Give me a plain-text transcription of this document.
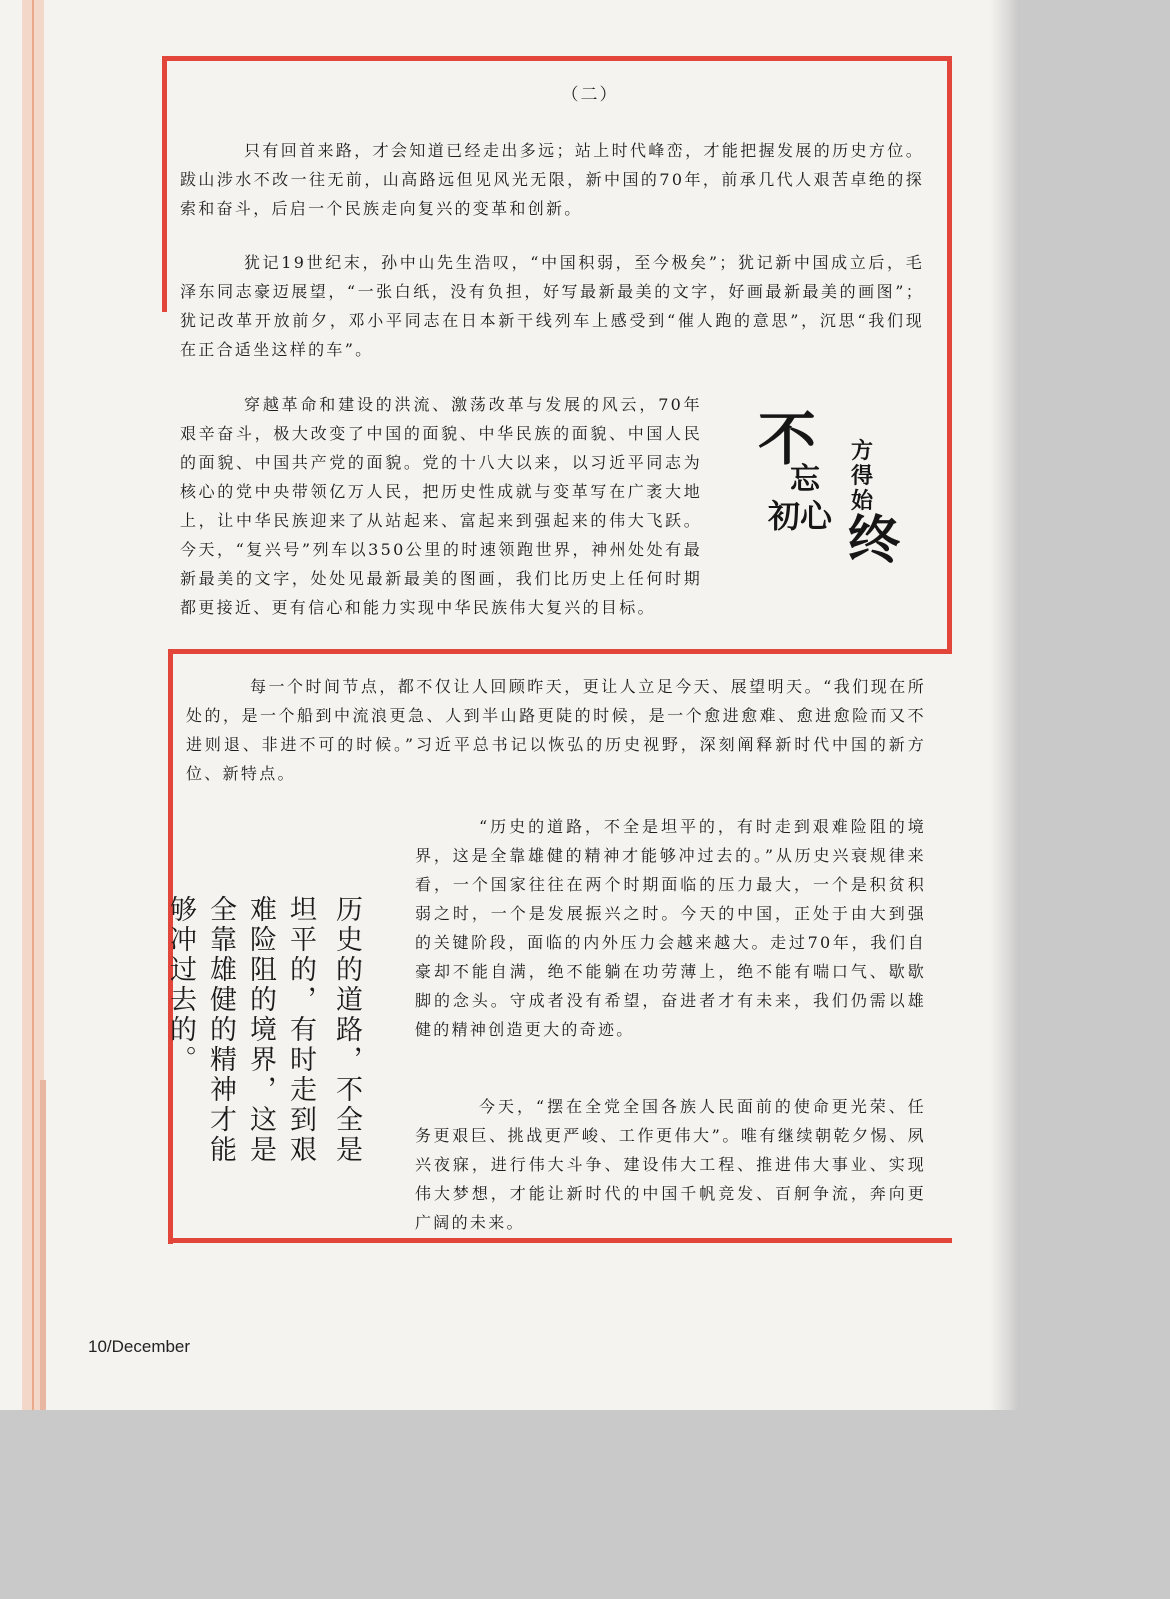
（二）

只有回首来路，才会知道已经走出多远；站上时代峰峦，才能把握发展的历史方位。跋山涉水不改一往无前，山高路远但见风光无限，新中国的70年，前承几代人艰苦卓绝的探索和奋斗，后启一个民族走向复兴的变革和创新。

犹记19世纪末，孙中山先生浩叹，“中国积弱，至今极矣”；犹记新中国成立后，毛泽东同志豪迈展望，“一张白纸，没有负担，好写最新最美的文字，好画最新最美的画图”；犹记改革开放前夕，邓小平同志在日本新干线列车上感受到“催人跑的意思”，沉思“我们现在正合适坐这样的车”。

穿越革命和建设的洪流、激荡改革与发展的风云，70年艰辛奋斗，极大改变了中国的面貌、中华民族的面貌、中国人民的面貌、中国共产党的面貌。党的十八大以来，以习近平同志为核心的党中央带领亿万人民，把历史性成就与变革写在广袤大地上，让中华民族迎来了从站起来、富起来到强起来的伟大飞跃。今天，“复兴号”列车以350公里的时速领跑世界，神州处处有最新最美的文字，处处见最新最美的图画，我们比历史上任何时期都更接近、更有信心和能力实现中华民族伟大复兴的目标。

每一个时间节点，都不仅让人回顾昨天，更让人立足今天、展望明天。“我们现在所处的，是一个船到中流浪更急、人到半山路更陡的时候，是一个愈进愈难、愈进愈险而又不进则退、非进不可的时候。”习近平总书记以恢弘的历史视野，深刻阐释新时代中国的新方位、新特点。

“历史的道路，不全是坦平的，有时走到艰难险阻的境界，这是全靠雄健的精神才能够冲过去的。”从历史兴衰规律来看，一个国家往往在两个时期面临的压力最大，一个是积贫积弱之时，一个是发展振兴之时。今天的中国，正处于由大到强的关键阶段，面临的内外压力会越来越大。走过70年，我们自豪却不能自满，绝不能躺在功劳薄上，绝不能有喘口气、歇歇脚的念头。守成者没有希望，奋进者才有未来，我们仍需以雄健的精神创造更大的奇迹。

今天，“摆在全党全国各族人民面前的使命更光荣、任务更艰巨、挑战更严峻、工作更伟大”。唯有继续朝乾夕惕、夙兴夜寐，进行伟大斗争、建设伟大工程、推进伟大事业、实现伟大梦想，才能让新时代的中国千帆竞发、百舸争流，奔向更广阔的未来。

不
忘
初心
方
得
始
终
历史的道路，不全是
坦平的，有时走到艰
难险阻的境界，这是
全靠雄健的精神才能
够冲过去的。
10/December
